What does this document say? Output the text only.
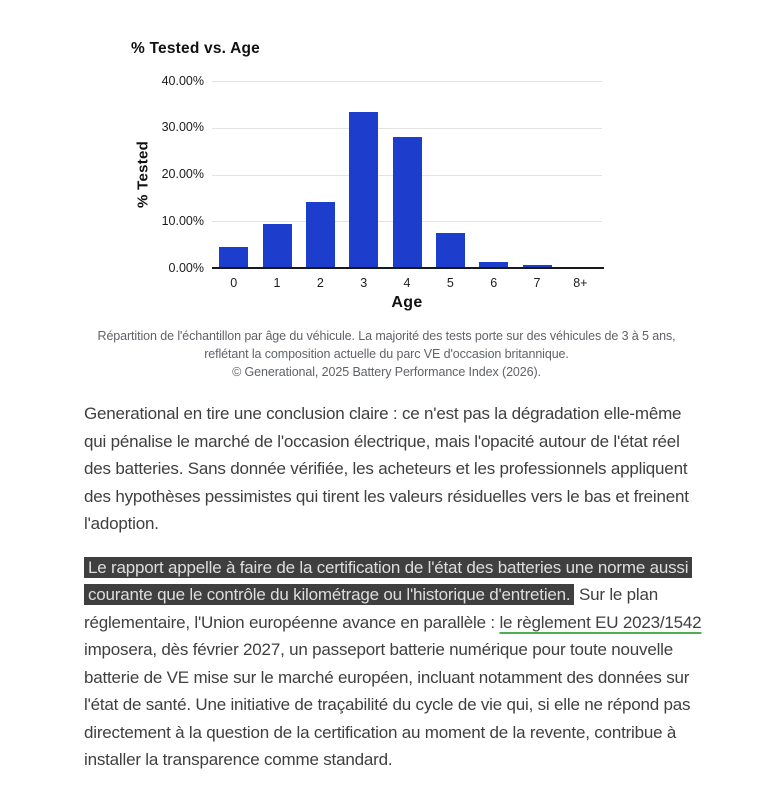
% Tested vs. Age
% Tested
40.00%
30.00%
20.00%
10.00%
0.00%
0	1	2	3	4	5	6	7	8+
Age
Répartition de l'échantillon par âge du véhicule. La majorité des tests porte sur des véhicules de 3 à 5 ans,
reflétant la composition actuelle du parc VE d'occasion britannique.
© Generational, 2025 Battery Performance Index (2026).

Generational en tire une conclusion claire : ce n'est pas la dégradation elle-même qui pénalise le marché de l'occasion électrique, mais l'opacité autour de l'état réel des batteries. Sans donnée vérifiée, les acheteurs et les professionnels appliquent des hypothèses pessimistes qui tirent les valeurs résiduelles vers le bas et freinent l'adoption.

Le rapport appelle à faire de la certification de l'état des batteries une norme aussi courante que le contrôle du kilométrage ou l'historique d'entretien. Sur le plan réglementaire, l'Union européenne avance en parallèle : le règlement EU 2023/1542 imposera, dès février 2027, un passeport batterie numérique pour toute nouvelle batterie de VE mise sur le marché européen, incluant notamment des données sur l'état de santé. Une initiative de traçabilité du cycle de vie qui, si elle ne répond pas directement à la question de la certification au moment de la revente, contribue à installer la transparence comme standard.
